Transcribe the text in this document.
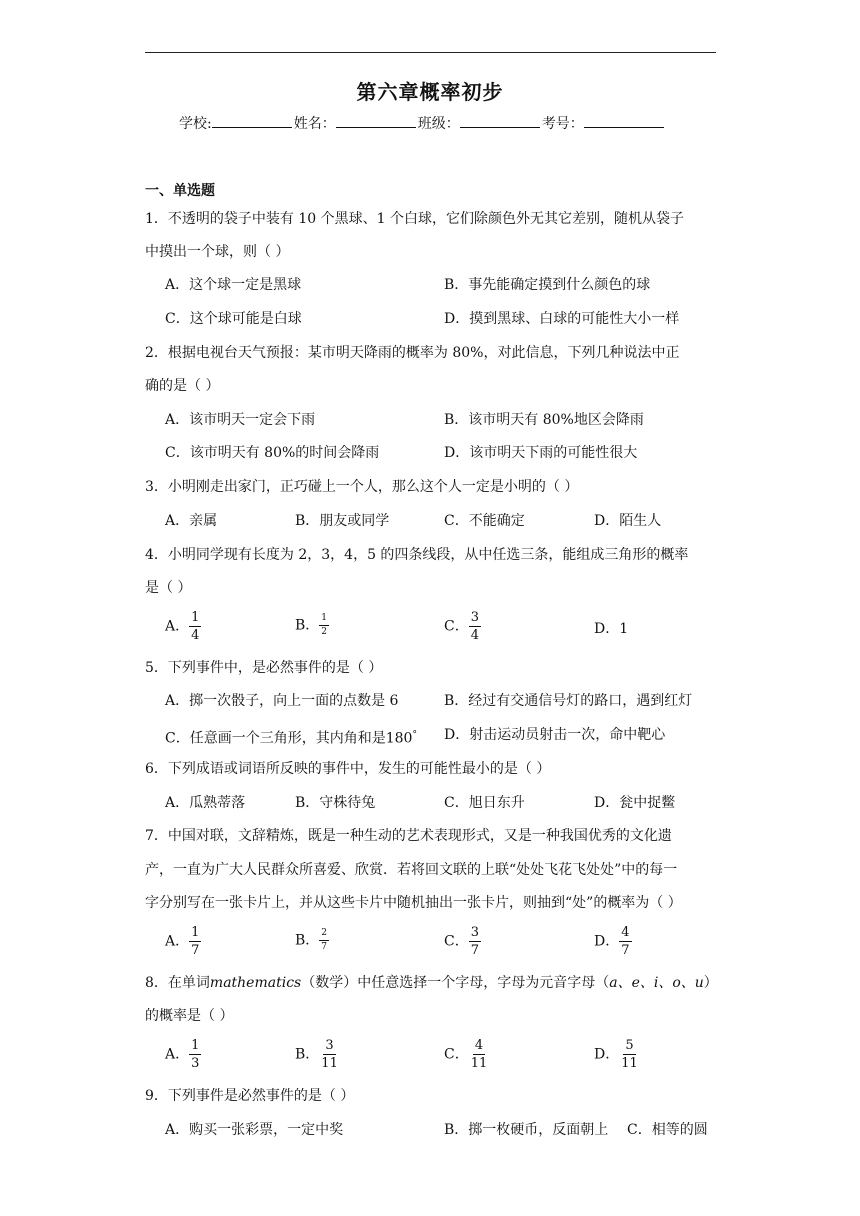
第六章概率初步
学校:	姓名：	班级：	考号：
一、单选题
1．不透明的袋子中装有 10 个黑球、1 个白球，它们除颜色外无其它差别，随机从袋子
中摸出一个球，则（ ）
A．这个球一定是黑球	B．事先能确定摸到什么颜色的球
C．这个球可能是白球	D．摸到黑球、白球的可能性大小一样
2．根据电视台天气预报：某市明天降雨的概率为 80%，对此信息，下列几种说法中正
确的是（ ）
A．该市明天一定会下雨	B．该市明天有 80%地区会降雨
C．该市明天有 80%的时间会降雨	D．该市明天下雨的可能性很大
3．小明刚走出家门，正巧碰上一个人，那么这个人一定是小明的（ ）
A．亲属	B．朋友或同学	C．不能确定	D．陌生人
4．小明同学现有长度为 2，3，4，5 的四条线段，从中任选三条，能组成三角形的概率
是（ ）
A． $\frac{1}{4}$	B． $\frac{1}{2}$	C． $\frac{3}{4}$	D．1
5．下列事件中，是必然事件的是（ ）
A．掷一次骰子，向上一面的点数是 6	B．经过有交通信号灯的路口，遇到红灯
C．任意画一个三角形，其内角和是180° D．射击运动员射击一次，命中靶心
6．下列成语或词语所反映的事件中，发生的可能性最小的是（ ）
A．瓜熟蒂落	B．守株待兔	C．旭日东升	D．瓮中捉鳖
7．中国对联，文辞精炼，既是一种生动的艺术表现形式，又是一种我国优秀的文化遗
产，一直为广大人民群众所喜爱、欣赏．若将回文联的上联“处处飞花飞处处”中的每一
字分别写在一张卡片上，并从这些卡片中随机抽出一张卡片，则抽到“处”的概率为（ ）
A． $\frac{1}{7}$	B． $\frac{2}{7}$	C． $\frac{3}{7}$	D． $\frac{4}{7}$
8．在单词mathematics（数学）中任意选择一个字母，字母为元音字母（a、e、i、o、u）
的概率是（ ）
A． $\frac{1}{3}$	B． $\frac{3}{11}$	C． $\frac{4}{11}$	D． $\frac{5}{11}$
9．下列事件是必然事件的是（ ）
A．购买一张彩票，一定中奖	B．掷一枚硬币，反面朝上 C．相等的圆
